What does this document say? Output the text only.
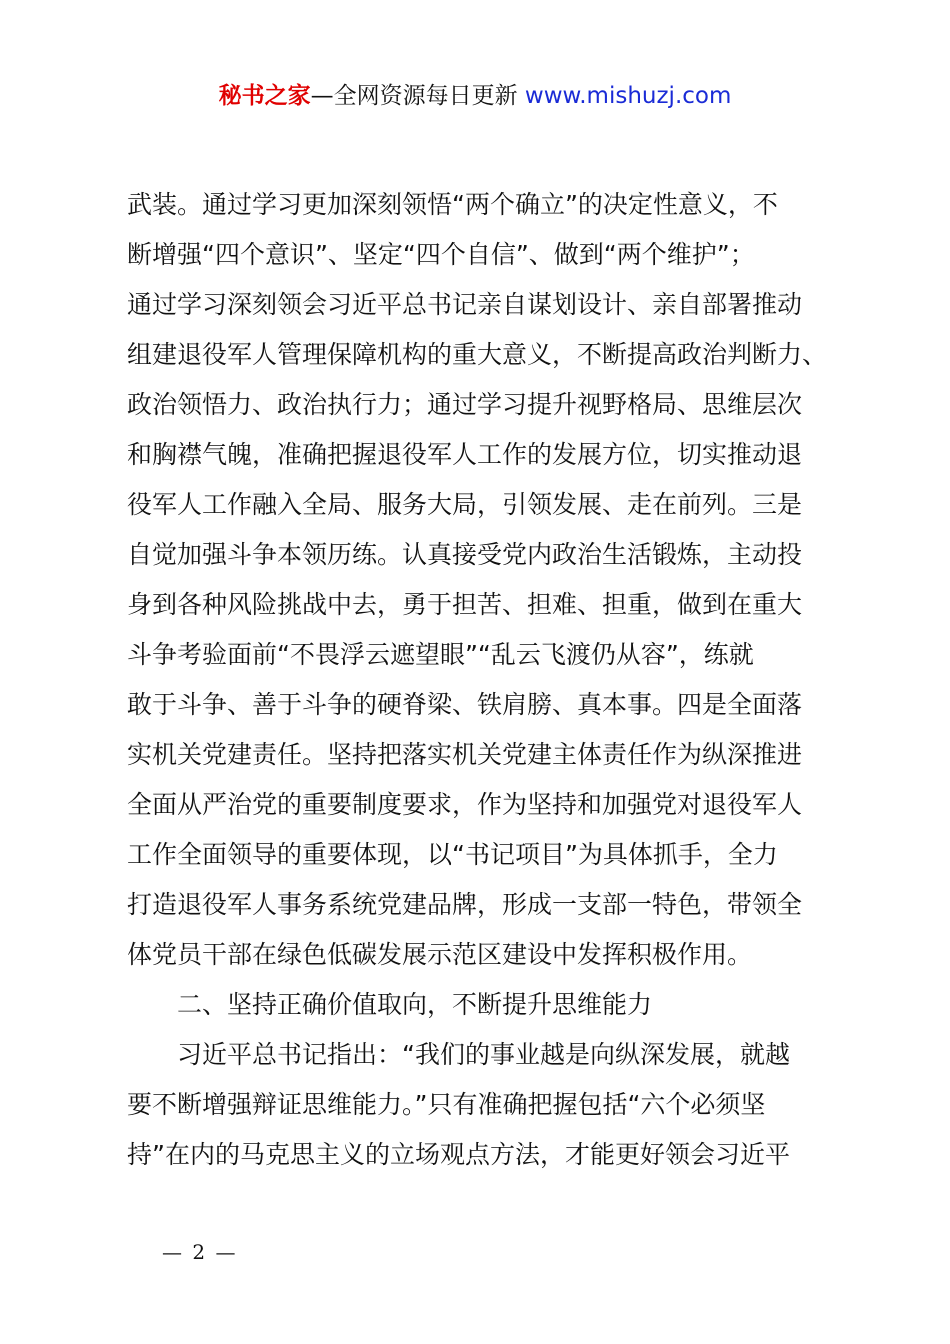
秘书之家—全网资源每日更新 www.mishuzj.com
武装。通过学习更加深刻领悟“两个确立”的决定性意义，不
断增强“四个意识”、坚定“四个自信”、做到“两个维护”；
通过学习深刻领会习近平总书记亲自谋划设计、亲自部署推动
组建退役军人管理保障机构的重大意义，不断提高政治判断力、
政治领悟力、政治执行力；通过学习提升视野格局、思维层次
和胸襟气魄，准确把握退役军人工作的发展方位，切实推动退
役军人工作融入全局、服务大局，引领发展、走在前列。三是
自觉加强斗争本领历练。认真接受党内政治生活锻炼，主动投
身到各种风险挑战中去，勇于担苦、担难、担重，做到在重大
斗争考验面前“不畏浮云遮望眼”“乱云飞渡仍从容”，练就
敢于斗争、善于斗争的硬脊梁、铁肩膀、真本事。四是全面落
实机关党建责任。坚持把落实机关党建主体责任作为纵深推进
全面从严治党的重要制度要求，作为坚持和加强党对退役军人
工作全面领导的重要体现，以“书记项目”为具体抓手，全力
打造退役军人事务系统党建品牌，形成一支部一特色，带领全
体党员干部在绿色低碳发展示范区建设中发挥积极作用。
二、坚持正确价值取向，不断提升思维能力
习近平总书记指出：“我们的事业越是向纵深发展，就越
要不断增强辩证思维能力。”只有准确把握包括“六个必须坚
持”在内的马克思主义的立场观点方法，才能更好领会习近平
— 2 —
